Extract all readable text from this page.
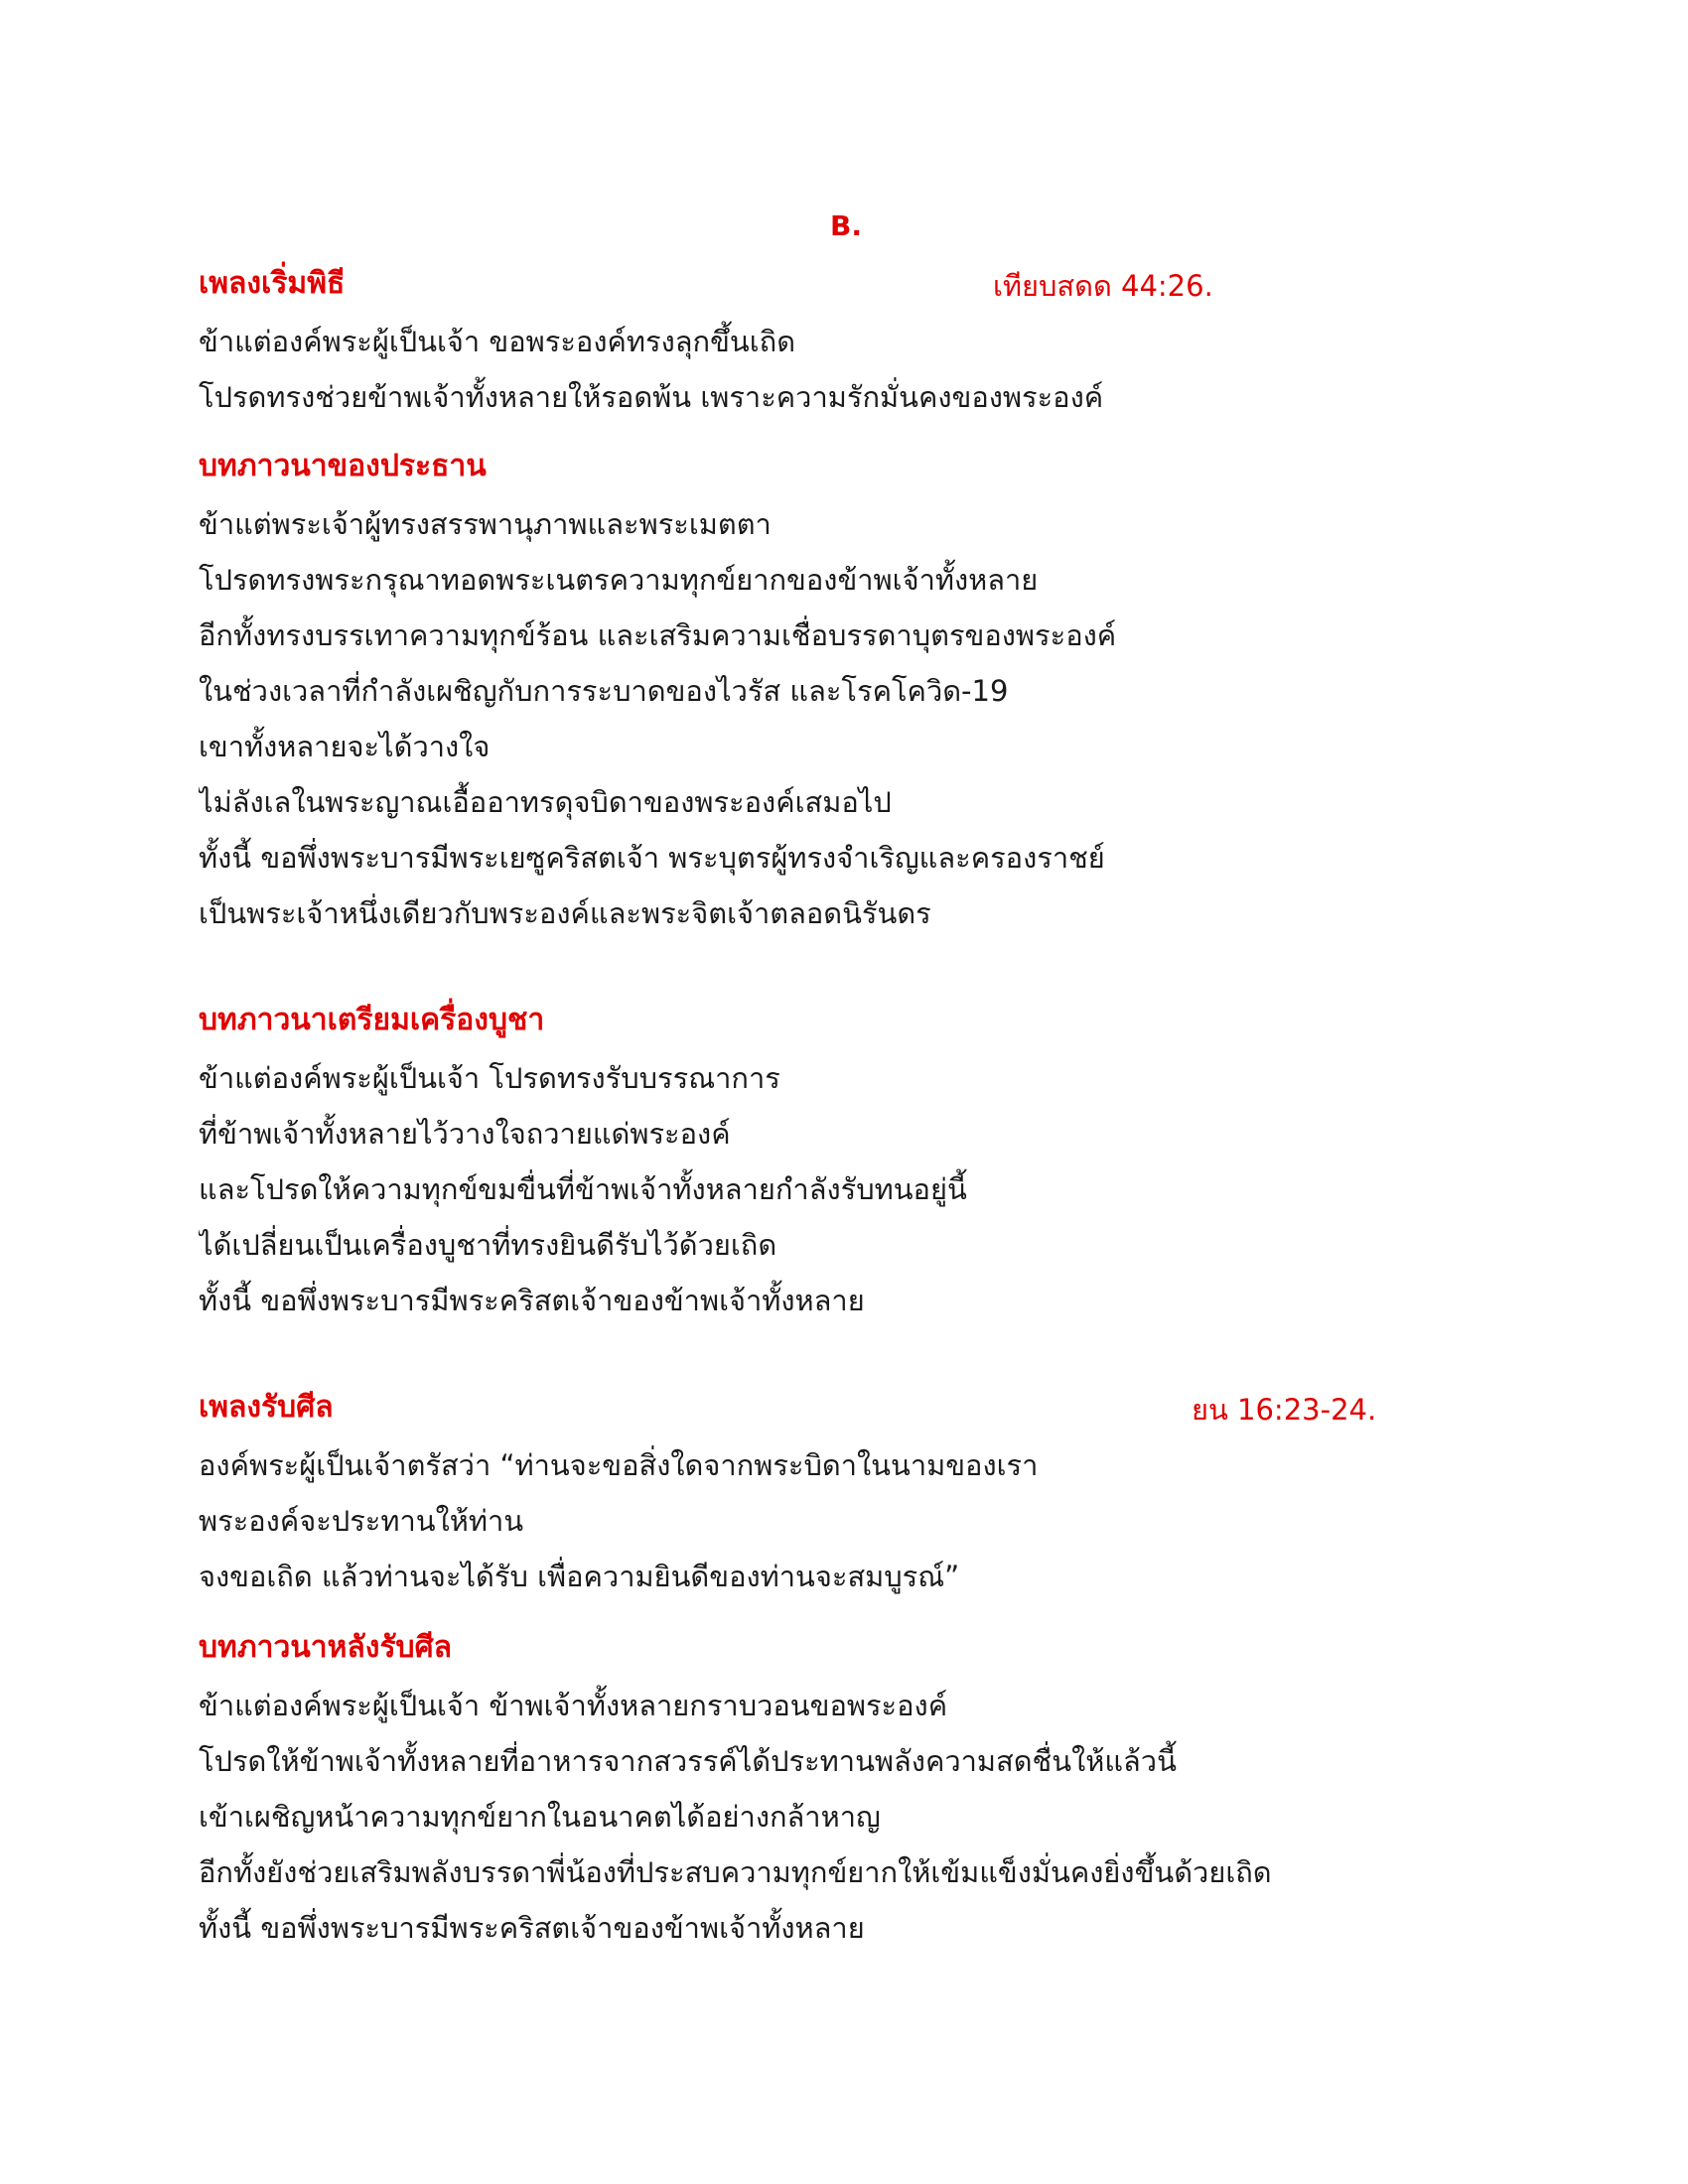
B.
เพลงเริ่มพิธี	เทียบสดด 44:26.
ข้าแต่องค์พระผู้เป็นเจ้า ขอพระองค์ทรงลุกขึ้นเถิด
โปรดทรงช่วยข้าพเจ้าทั้งหลายให้รอดพ้น เพราะความรักมั่นคงของพระองค์
บทภาวนาของประธาน
ข้าแต่พระเจ้าผู้ทรงสรรพานุภาพและพระเมตตา
โปรดทรงพระกรุณาทอดพระเนตรความทุกข์ยากของข้าพเจ้าทั้งหลาย
อีกทั้งทรงบรรเทาความทุกข์ร้อน และเสริมความเชื่อบรรดาบุตรของพระองค์
ในช่วงเวลาที่กำลังเผชิญกับการระบาดของไวรัส และโรคโควิด-19
เขาทั้งหลายจะได้วางใจ
ไม่ลังเลในพระญาณเอื้ออาทรดุจบิดาของพระองค์เสมอไป
ทั้งนี้ ขอพึ่งพระบารมีพระเยซูคริสตเจ้า พระบุตรผู้ทรงจำเริญและครองราชย์
เป็นพระเจ้าหนึ่งเดียวกับพระองค์และพระจิตเจ้าตลอดนิรันดร
บทภาวนาเตรียมเครื่องบูชา
ข้าแต่องค์พระผู้เป็นเจ้า โปรดทรงรับบรรณาการ
ที่ข้าพเจ้าทั้งหลายไว้วางใจถวายแด่พระองค์
และโปรดให้ความทุกข์ขมขื่นที่ข้าพเจ้าทั้งหลายกำลังรับทนอยู่นี้
ได้เปลี่ยนเป็นเครื่องบูชาที่ทรงยินดีรับไว้ด้วยเถิด
ทั้งนี้ ขอพึ่งพระบารมีพระคริสตเจ้าของข้าพเจ้าทั้งหลาย
เพลงรับศีล	ยน 16:23-24.
องค์พระผู้เป็นเจ้าตรัสว่า “ท่านจะขอสิ่งใดจากพระบิดาในนามของเรา
พระองค์จะประทานให้ท่าน
จงขอเถิด แล้วท่านจะได้รับ เพื่อความยินดีของท่านจะสมบูรณ์”
บทภาวนาหลังรับศีล
ข้าแต่องค์พระผู้เป็นเจ้า ข้าพเจ้าทั้งหลายกราบวอนขอพระองค์
โปรดให้ข้าพเจ้าทั้งหลายที่อาหารจากสวรรค์ได้ประทานพลังความสดชื่นให้แล้วนี้
เข้าเผชิญหน้าความทุกข์ยากในอนาคตได้อย่างกล้าหาญ
อีกทั้งยังช่วยเสริมพลังบรรดาพี่น้องที่ประสบความทุกข์ยากให้เข้มแข็งมั่นคงยิ่งขึ้นด้วยเถิด
ทั้งนี้ ขอพึ่งพระบารมีพระคริสตเจ้าของข้าพเจ้าทั้งหลาย
